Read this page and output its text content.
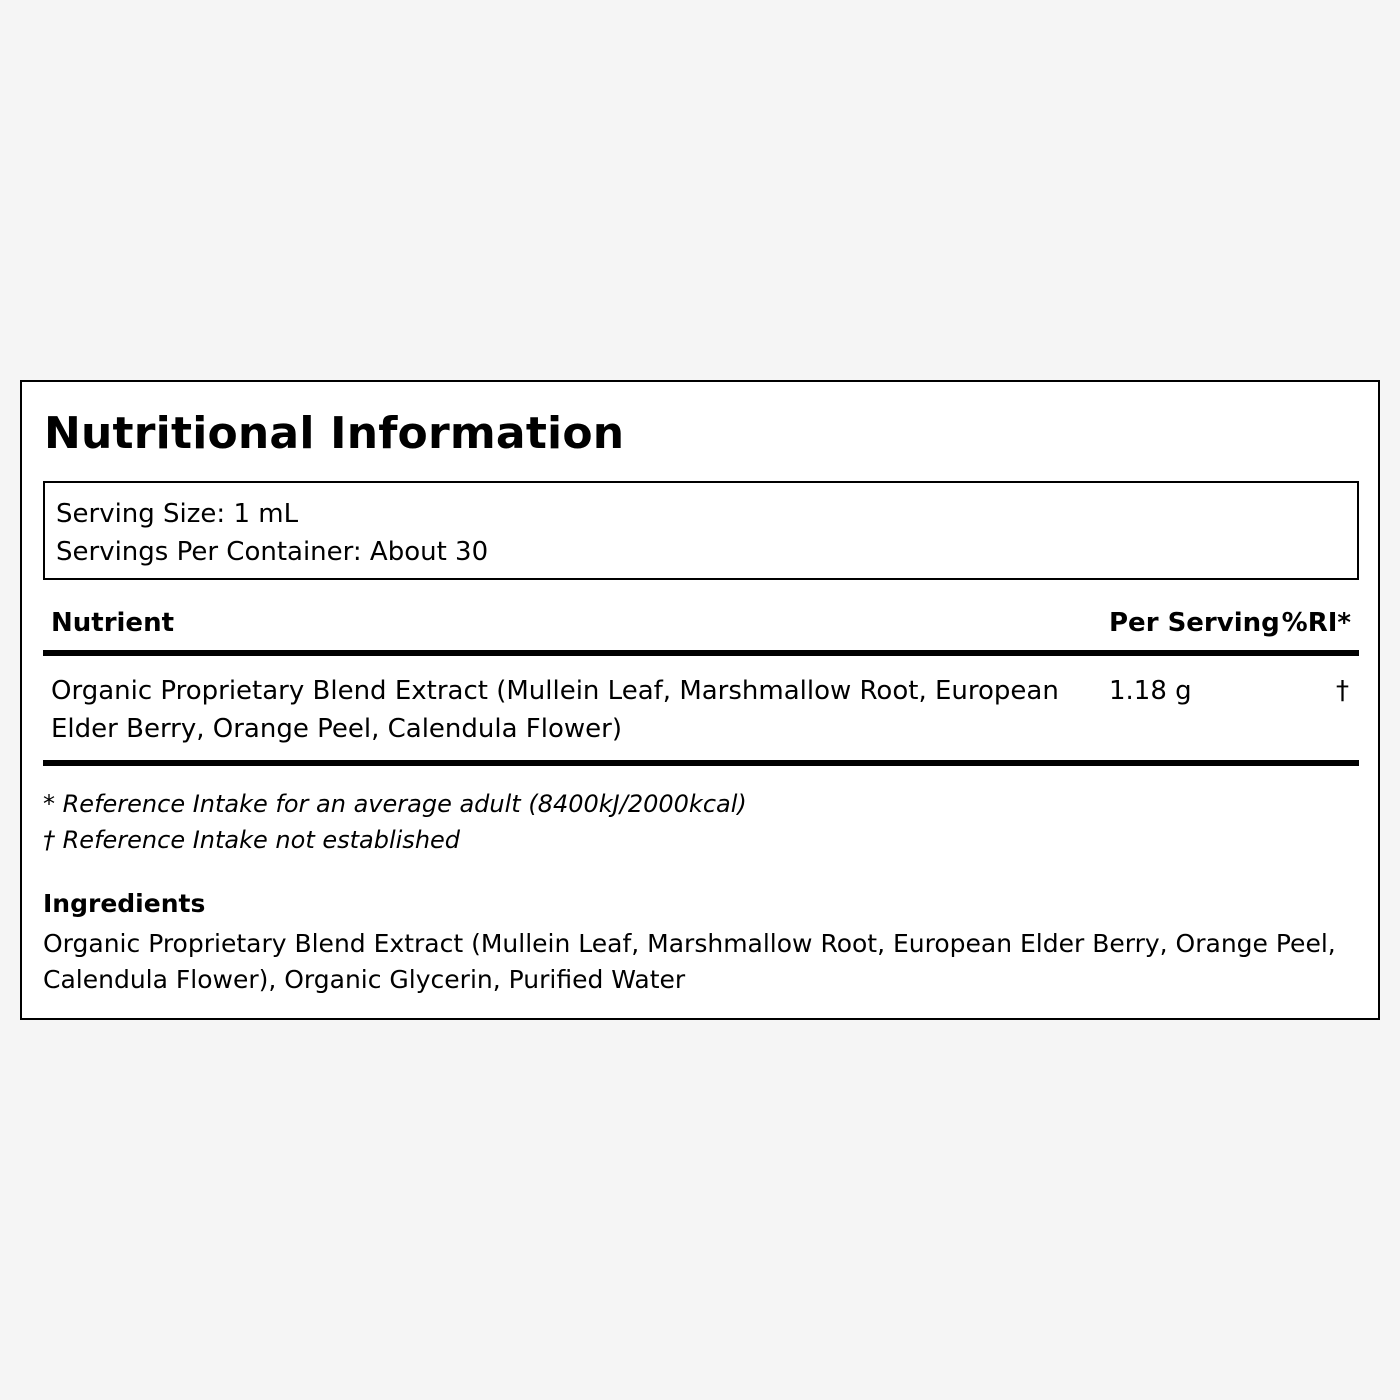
Nutritional Information
Serving Size: 1 mL
Servings Per Container: About 30
Nutrient	Per Serving %RI*
Organic Proprietary Blend Extract (Mullein Leaf, Marshmallow Root, European Elder Berry, Orange Peel, Calendula Flower)
1.18 g	†
* Reference Intake for an average adult (8400kJ/2000kcal)
† Reference Intake not established
Ingredients
Organic Proprietary Blend Extract (Mullein Leaf, Marshmallow Root, European Elder Berry, Orange Peel, Calendula Flower), Organic Glycerin, Purified Water
